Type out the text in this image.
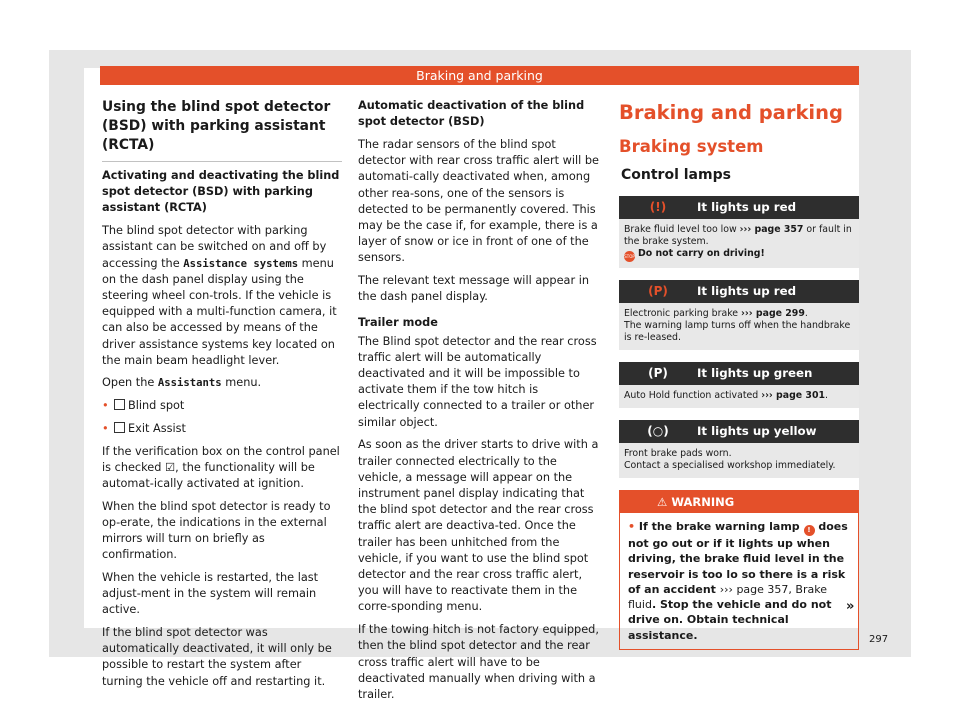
Braking and parking
Using the blind spot detector (BSD) with parking assistant (RCTA)

Activating and deactivating the blind spot detector (BSD) with parking assistant (RCTA)

The blind spot detector with parking assistant can be switched on and off by accessing the Assistance systems menu on the dash panel display using the steering wheel con-trols. If the vehicle is equipped with a multi-function camera, it can also be accessed by means of the driver assistance systems key located on the main beam headlight lever.

Open the Assistants menu.

• Blind spot

• Exit Assist

If the verification box on the control panel is checked ☑, the functionality will be automat-ically activated at ignition.

When the blind spot detector is ready to op-erate, the indications in the external mirrors will turn on briefly as confirmation.

When the vehicle is restarted, the last adjust-ment in the system will remain active.

If the blind spot detector was automatically deactivated, it will only be possible to restart the system after turning the vehicle off and restarting it.

Automatic deactivation of the blind spot detector (BSD)

The radar sensors of the blind spot detector with rear cross traffic alert will be automati-cally deactivated when, among other rea-sons, one of the sensors is detected to be permanently covered. This may be the case if, for example, there is a layer of snow or ice in front of one of the sensors.

The relevant text message will appear in the dash panel display.

Trailer mode

The Blind spot detector and the rear cross traffic alert will be automatically deactivated and it will be impossible to activate them if the tow hitch is electrically connected to a trailer or other similar object.

As soon as the driver starts to drive with a trailer connected electrically to the vehicle, a message will appear on the instrument panel display indicating that the blind spot detector and the rear cross traffic alert are deactiva-ted. Once the trailer has been unhitched from the vehicle, if you want to use the blind spot detector and the rear cross traffic alert, you will have to reactivate them in the corre-sponding menu.

If the towing hitch is not factory equipped, then the blind spot detector and the rear cross traffic alert will have to be deactivated manually when driving with a trailer.

Braking and parking
Braking system
Control lamps
(!)	It lights up red
Brake fluid level too low ››› page 357 or fault in the brake system.
STOP Do not carry on driving!
(P)	It lights up red
Electronic parking brake ››› page 299.
The warning lamp turns off when the handbrake is re-leased.
(P)	It lights up green
Auto Hold function activated ››› page 301.
(○)	It lights up yellow
Front brake pads worn.
Contact a specialised workshop immediately.
⚠ WARNING
• If the brake warning lamp ! does not go out or if it lights up when driving, the brake fluid level in the reservoir is too lo so there is a risk of an accident ››› page 357, Brake fluid. Stop the vehicle and do not drive on. Obtain technical assistance.
»
297
